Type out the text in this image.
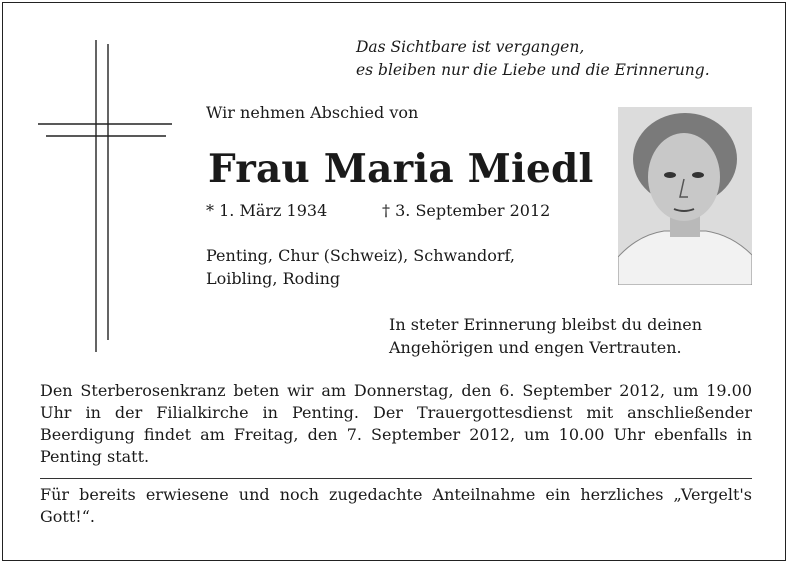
Das Sichtbare ist vergangen,
es bleiben nur die Liebe und die Erinnerung.
Wir nehmen Abschied von
Frau Maria Miedl
* 1. März 1934	† 3. September 2012
Penting, Chur (Schweiz), Schwandorf,
Loibling, Roding
In steter Erinnerung bleibst du deinen
Angehörigen und engen Vertrauten.
Den Sterberosenkranz beten wir am Donnerstag, den 6. September 2012, um 19.00 Uhr in der Filialkirche in Penting. Der Trauergottesdienst mit anschließender Beerdigung findet am Freitag, den 7. September 2012, um 10.00 Uhr ebenfalls in Penting statt.
Für bereits erwiesene und noch zugedachte Anteilnahme ein herzliches „Vergelt's Gott!“.
